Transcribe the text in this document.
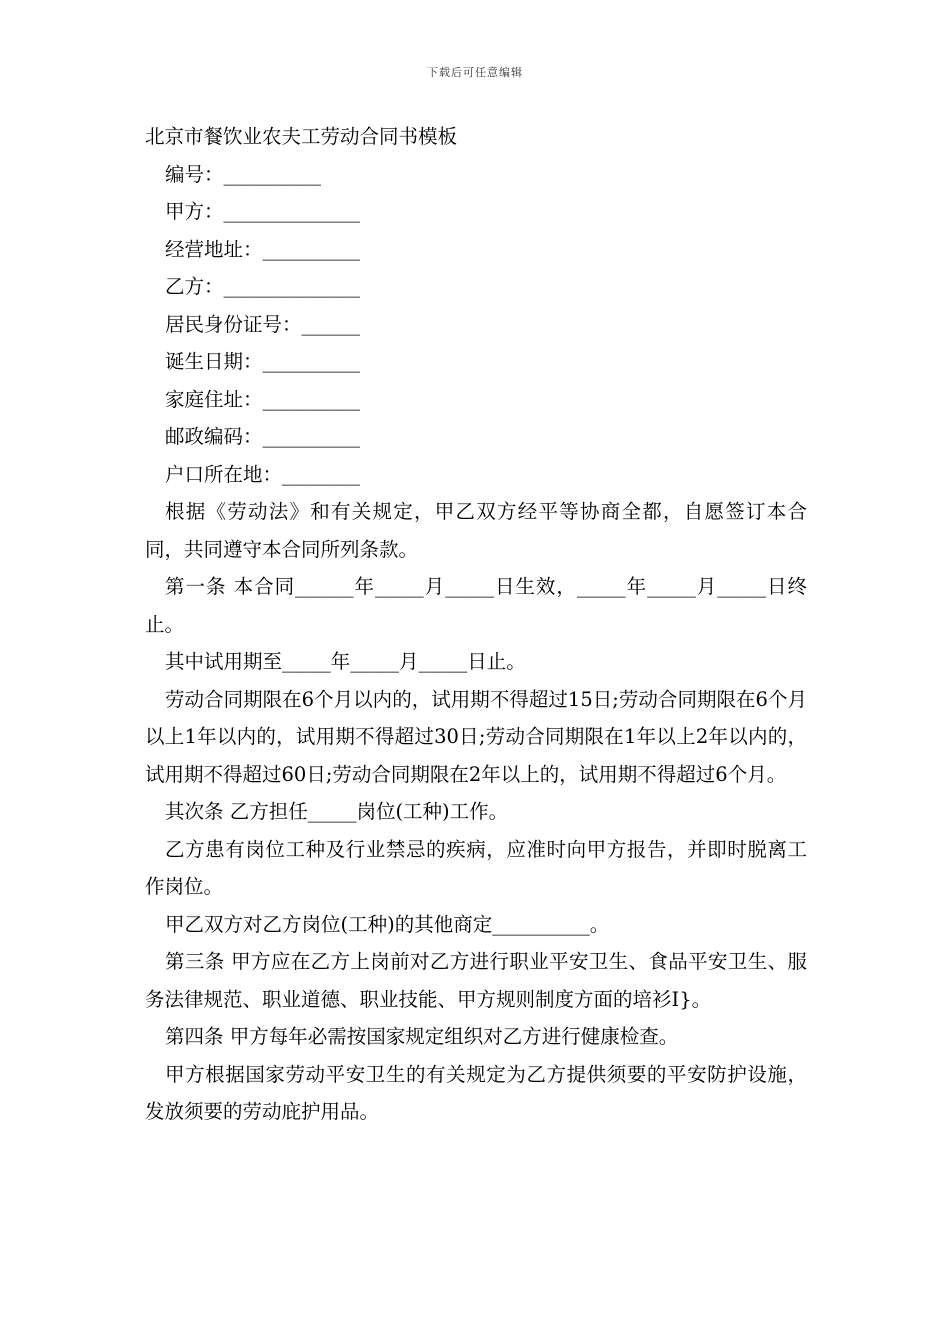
下载后可任意编辑
北京市餐饮业农夫工劳动合同书模板
编号：__________
甲方：______________
经营地址：__________
乙方：______________
居民身份证号：______
诞生日期：__________
家庭住址：__________
邮政编码：__________
户口所在地：________

根据《劳动法》和有关规定，甲乙双方经平等协商全都，自愿签订本合同，共同遵守本合同所列条款。

第一条 本合同______年_____月_____日生效，_____年_____月_____日终止。

其中试用期至_____年_____月_____日止。

劳动合同期限在6个月以内的，试用期不得超过15日;劳动合同期限在6个月以上1年以内的，试用期不得超过30日;劳动合同期限在1年以上2年以内的，试用期不得超过60日;劳动合同期限在2年以上的，试用期不得超过6个月。

其次条 乙方担任_____岗位(工种)工作。

乙方患有岗位工种及行业禁忌的疾病，应准时向甲方报告，并即时脱离工作岗位。

甲乙双方对乙方岗位(工种)的其他商定__________。

第三条 甲方应在乙方上岗前对乙方进行职业平安卫生、食品平安卫生、服务法律规范、职业道德、职业技能、甲方规则制度方面的培衫I}。

第四条 甲方每年必需按国家规定组织对乙方进行健康检查。

甲方根据国家劳动平安卫生的有关规定为乙方提供须要的平安防护设施，发放须要的劳动庇护用品。
